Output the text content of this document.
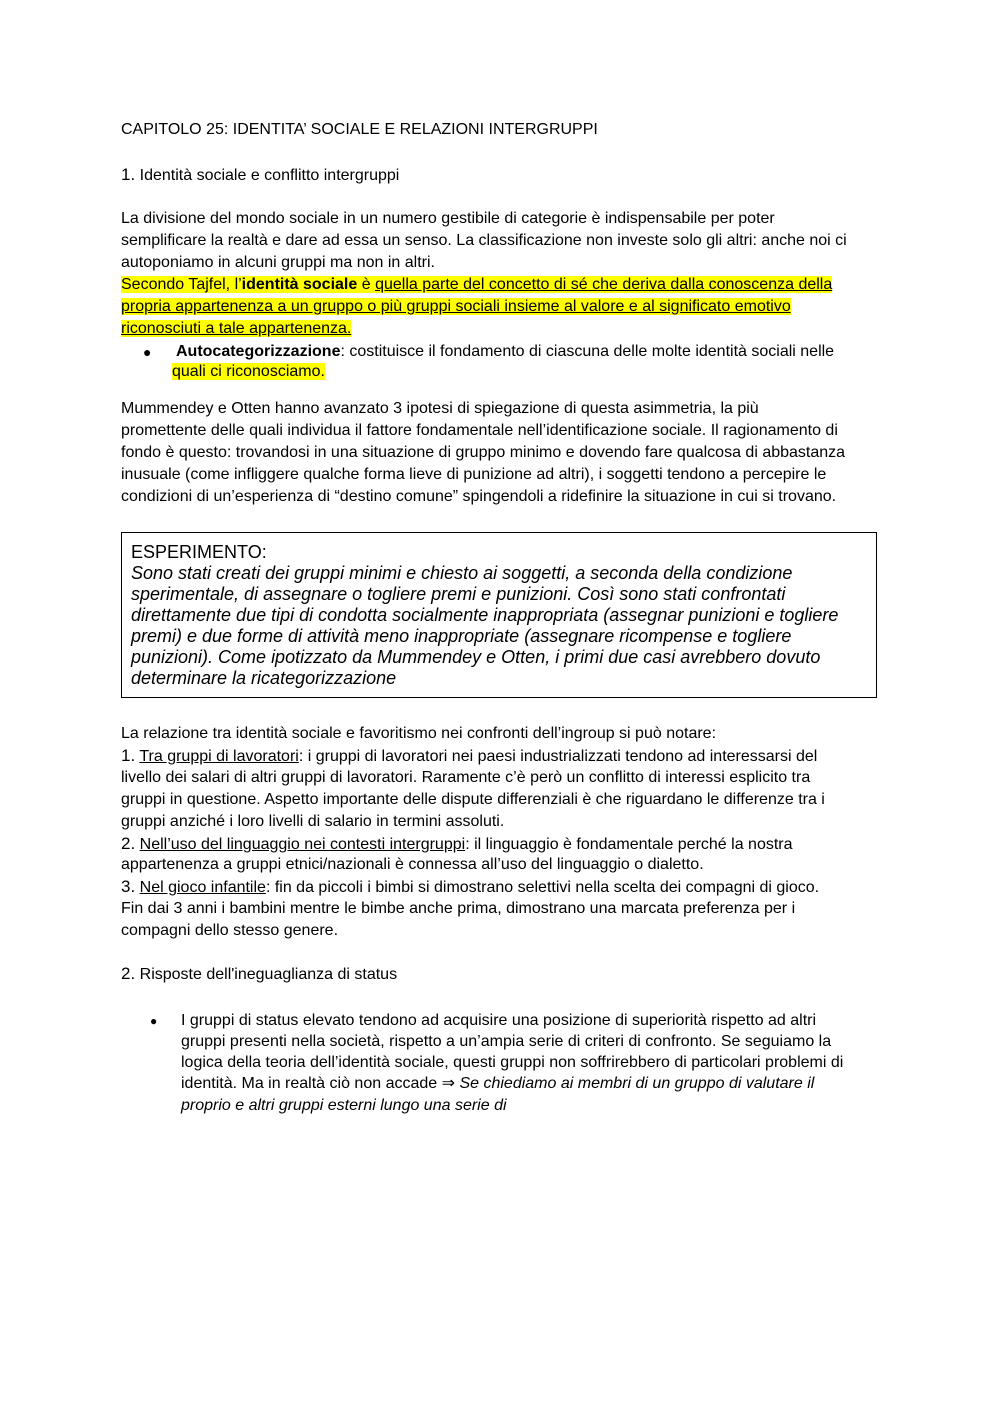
CAPITOLO 25: IDENTITA’ SOCIALE E RELAZIONI INTERGRUPPI
1. Identità sociale e conflitto intergruppi
La divisione del mondo sociale in un numero gestibile di categorie è indispensabile per poter
semplificare la realtà e dare ad essa un senso. La classificazione non investe solo gli altri: anche noi ci
autoponiamo in alcuni gruppi ma non in altri.
Secondo Tajfel, l’identità sociale è quella parte del concetto di sé che deriva dalla conoscenza della
propria appartenenza a un gruppo o più gruppi sociali insieme al valore e al significato emotivo
riconosciuti a tale appartenenza.
● Autocategorizzazione: costituisce il fondamento di ciascuna delle molte identità sociali nelle
quali ci riconosciamo.
Mummendey e Otten hanno avanzato 3 ipotesi di spiegazione di questa asimmetria, la più
promettente delle quali individua il fattore fondamentale nell’identificazione sociale. Il ragionamento di
fondo è questo: trovandosi in una situazione di gruppo minimo e dovendo fare qualcosa di abbastanza
inusuale (come infliggere qualche forma lieve di punizione ad altri), i soggetti tendono a percepire le
condizioni di un’esperienza di “destino comune” spingendoli a ridefinire la situazione in cui si trovano.
ESPERIMENTO:
Sono stati creati dei gruppi minimi e chiesto ai soggetti, a seconda della condizione
sperimentale, di assegnare o togliere premi e punizioni. Così sono stati confrontati
direttamente due tipi di condotta socialmente inappropriata (assegnar punizioni e togliere
premi) e due forme di attività meno inappropriate (assegnare ricompense e togliere
punizioni). Come ipotizzato da Mummendey e Otten, i primi due casi avrebbero dovuto
determinare la ricategorizzazione
La relazione tra identità sociale e favoritismo nei confronti dell’ingroup si può notare:
1. Tra gruppi di lavoratori: i gruppi di lavoratori nei paesi industrializzati tendono ad interessarsi del
livello dei salari di altri gruppi di lavoratori. Raramente c’è però un conflitto di interessi esplicito tra
gruppi in questione. Aspetto importante delle dispute differenziali è che riguardano le differenze tra i
gruppi anziché i loro livelli di salario in termini assoluti.
2. Nell’uso del linguaggio nei contesti intergruppi: il linguaggio è fondamentale perché la nostra
appartenenza a gruppi etnici/nazionali è connessa all’uso del linguaggio o dialetto.
3. Nel gioco infantile: fin da piccoli i bimbi si dimostrano selettivi nella scelta dei compagni di gioco.
Fin dai 3 anni i bambini mentre le bimbe anche prima, dimostrano una marcata preferenza per i
compagni dello stesso genere.
2. Risposte dell'ineguaglianza di status
● I gruppi di status elevato tendono ad acquisire una posizione di superiorità rispetto ad altri
gruppi presenti nella società, rispetto a un’ampia serie di criteri di confronto. Se seguiamo la
logica della teoria dell’identità sociale, questi gruppi non soffrirebbero di particolari problemi di
identità. Ma in realtà ciò non accade ⇒ Se chiediamo ai membri di un gruppo di valutare il
proprio e altri gruppi esterni lungo una serie di
